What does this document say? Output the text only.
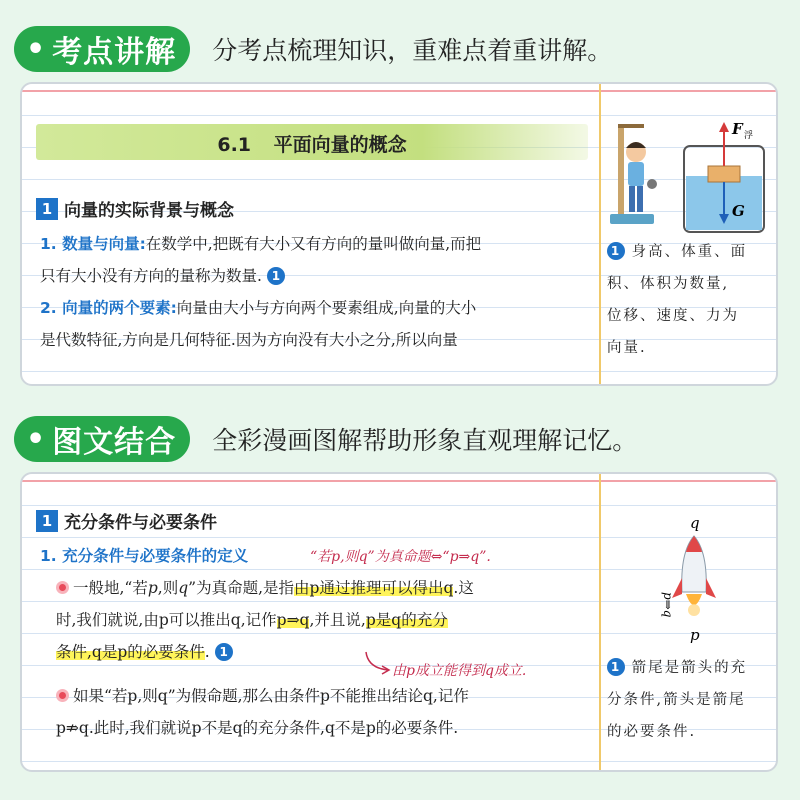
• 考点讲解 分考点梳理知识，重难点着重讲解。
6.1 平面向量的概念
1 向量的实际背景与概念
1. 数量与向量:在数学中,把既有大小又有方向的量叫做向量,而把
只有大小没有方向的量称为数量. 1
2. 向量的两个要素:向量由大小与方向两个要素组成,向量的大小
是代数特征,方向是几何特征.因为方向没有大小之分,所以向量
F 浮
G
1 身高、体重、面
积、体积为数量,
位移、速度、力为
向量.
• 图文结合 全彩漫画图解帮助形象直观理解记忆。
1 充分条件与必要条件
1. 充分条件与必要条件的定义	“若p,则q”为真命题⇔“p⇒q”.
一般地,“若p,则q”为真命题,是指由p通过推理可以得出q.这
时,我们就说,由p可以推出q,记作p⇒q,并且说,p是q的充分
条件,q是p的必要条件. 1
由p成立能得到q成立.
如果“若p,则q”为假命题,那么由条件p不能推出结论q,记作
p⇏q.此时,我们就说p不是q的充分条件,q不是p的必要条件.
q
p
p⇒q
1 箭尾是箭头的充
分条件,箭头是箭尾
的必要条件.
